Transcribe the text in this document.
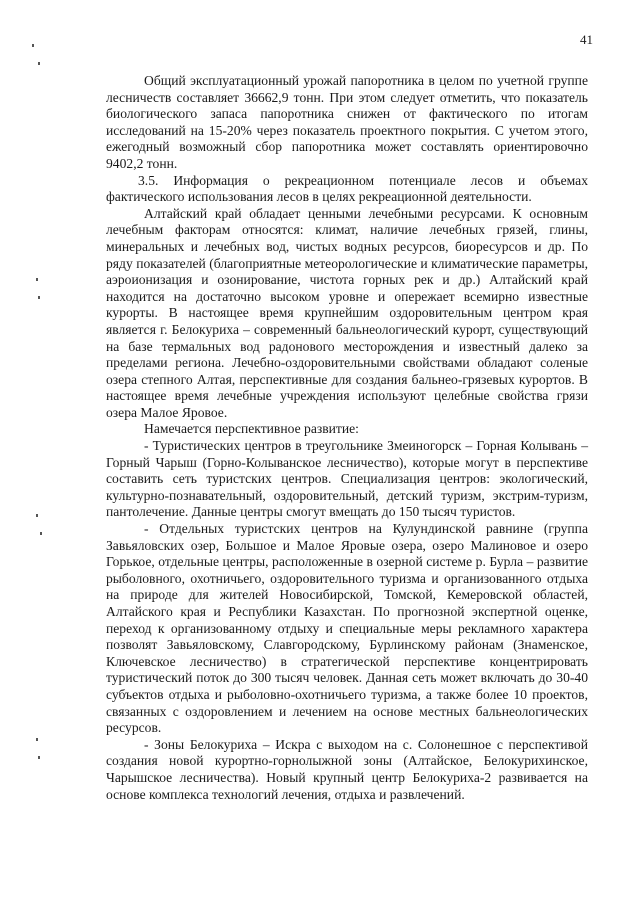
41

Общий эксплуатационный урожай папоротника в целом по учетной группе лесничеств составляет 36662,9 тонн. При этом следует отметить, что показатель биологического запаса папоротника снижен от фактического по итогам исследований на 15-20% через показатель проектного покрытия. С учетом этого, ежегодный возможный сбор папоротника может составлять ориентировочно 9402,2 тонн.

3.5. Информация о рекреационном потенциале лесов и объемах фактического использования лесов в целях рекреационной деятельности.

Алтайский край обладает ценными лечебными ресурсами. К основным лечебным факторам относятся: климат, наличие лечебных грязей, глины, минеральных и лечебных вод, чистых водных ресурсов, биоресурсов и др. По ряду показателей (благоприятные метеорологические и климатические параметры, аэроионизация и озонирование, чистота горных рек и др.) Алтайский край находится на достаточно высоком уровне и опережает всемирно известные курорты. В настоящее время крупнейшим оздоровительным центром края является г. Белокуриха – современный бальнеологический курорт, существующий на базе термальных вод радонового месторождения и известный далеко за пределами региона. Лечебно-оздоровительными свойствами обладают соленые озера степного Алтая, перспективные для создания бальнео-грязевых курортов. В настоящее время лечебные учреждения используют целебные свойства грязи озера Малое Яровое.

Намечается перспективное развитие:

- Туристических центров в треугольнике Змеиногорск – Горная Колывань – Горный Чарыш (Горно-Колыванское лесничество), которые могут в перспективе составить сеть туристских центров. Специализация центров: экологический, культурно-познавательный, оздоровительный, детский туризм, экстрим-туризм, пантолечение. Данные центры смогут вмещать до 150 тысяч туристов.

- Отдельных туристских центров на Кулундинской равнине (группа Завьяловских озер, Большое и Малое Яровые озера, озеро Малиновое и озеро Горькое, отдельные центры, расположенные в озерной системе р. Бурла – развитие рыболовного, охотничьего, оздоровительного туризма и организованного отдыха на природе для жителей Новосибирской, Томской, Кемеровской областей, Алтайского края и Республики Казахстан. По прогнозной экспертной оценке, переход к организованному отдыху и специальные меры рекламного характера позволят Завьяловскому, Славгородскому, Бурлинскому районам (Знаменское, Ключевское лесничество) в стратегической перспективе концентрировать туристический поток до 300 тысяч человек. Данная сеть может включать до 30-40 субъектов отдыха и рыболовно-охотничьего туризма, а также более 10 проектов, связанных с оздоровлением и лечением на основе местных бальнеологических ресурсов.

- Зоны Белокуриха – Искра с выходом на с. Солонешное с перспективой создания новой курортно-горнолыжной зоны (Алтайское, Белокурихинское, Чарышское лесничества). Новый крупный центр Белокуриха-2 развивается на основе комплекса технологий лечения, отдыха и развлечений.
